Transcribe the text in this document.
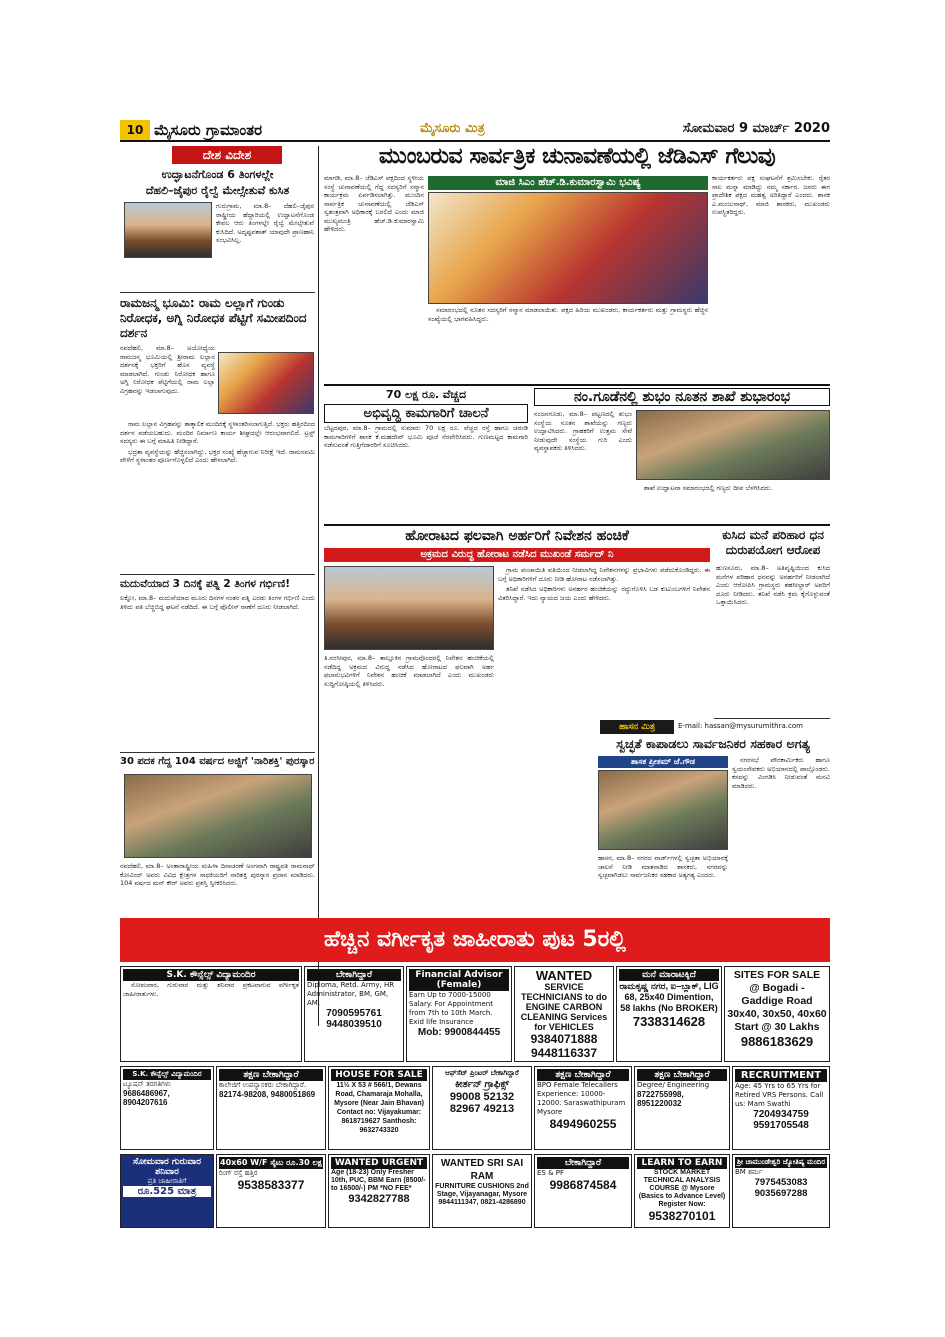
10 ಮೈಸೂರು ಗ್ರಾಮಾಂತರ	ಮೈಸೂರು ಮಿತ್ರ	ಸೋಮವಾರ 9 ಮಾರ್ಚ್ 2020
ದೇಶ ವಿದೇಶ
ಉದ್ಘಾಟನೆಗೊಂಡ 6 ತಿಂಗಳಲ್ಲೇ
ದೆಹಲಿ–ಜೈಪುರ ರೈಲ್ವೆ ಮೇಲ್ಸೇತುವೆ ಕುಸಿತ
ಗುರುಗ್ರಾಮ, ಮಾ.8– ದೆಹಲಿ–ಜೈಪುರ ರಾಷ್ಟ್ರೀಯ ಹೆದ್ದಾರಿಯಲ್ಲಿ ಉದ್ಘಾಟನೆಗೊಂಡ ಕೇವಲ ಆರು ತಿಂಗಳಲ್ಲೇ ರೈಲ್ವೆ ಮೇಲ್ಸೇತುವೆ ಕುಸಿದಿದೆ. ಅದೃಷ್ಟವಶಾತ್ ಯಾವುದೇ ಪ್ರಾಣಹಾನಿ ಸಂಭವಿಸಿಲ್ಲ.
ರಾಮಜನ್ಮ ಭೂಮಿ: ರಾಮ ಲಲ್ಲಾಗೆ ಗುಂಡು ನಿರೋಧಕ, ಅಗ್ನಿ ನಿರೋಧಕ ಪೆಟ್ಟಿಗೆ ಸಮೀಪದಿಂದ ದರ್ಶನ
ನವದೆಹಲಿ, ಮಾ.8– ಅಯೋಧ್ಯೆಯ ರಾಮಜನ್ಮ ಭೂಮಿಯಲ್ಲಿ ಶ್ರೀರಾಮ ಲಲ್ಲಾನ ದರ್ಶನಕ್ಕೆ ಭಕ್ತರಿಗೆ ಹೊಸ ವ್ಯವಸ್ಥೆ ಮಾಡಲಾಗಿದೆ. ಗುಂಡು ನಿರೋಧಕ ಹಾಗೂ ಅಗ್ನಿ ನಿರೋಧಕ ಪೆಟ್ಟಿಗೆಯಲ್ಲಿ ರಾಮ ಲಲ್ಲಾ ವಿಗ್ರಹವನ್ನು ಇಡಲಾಗುವುದು.

ರಾಮ ಲಲ್ಲಾನ ವಿಗ್ರಹವನ್ನು ತಾತ್ಕಾಲಿಕ ಮಂದಿರಕ್ಕೆ ಸ್ಥಳಾಂತರಿಸಲಾಗುತ್ತಿದೆ. ಭಕ್ತರು ಹತ್ತಿರದಿಂದ ದರ್ಶನ ಪಡೆಯಬಹುದು. ಮಂದಿರ ನಿರ್ಮಾಣ ಕಾರ್ಯ ಶೀಘ್ರದಲ್ಲೇ ಆರಂಭವಾಗಲಿದೆ. ಟ್ರಸ್ಟ್ ಸದಸ್ಯರು ಈ ಬಗ್ಗೆ ಮಾಹಿತಿ ನೀಡಿದ್ದಾರೆ.

ಭದ್ರತಾ ವ್ಯವಸ್ಥೆಯನ್ನು ಹೆಚ್ಚಿಸಲಾಗಿದ್ದು, ಭಕ್ತರ ಸಂಖ್ಯೆ ಹೆಚ್ಚಾಗುವ ನಿರೀಕ್ಷೆ ಇದೆ. ರಾಮನವಮಿ ವೇಳೆಗೆ ಸ್ಥಳಾಂತರ ಪೂರ್ಣಗೊಳ್ಳಲಿದೆ ಎಂದು ಹೇಳಲಾಗಿದೆ.

ಮದುವೆಯಾದ 3 ದಿನಕ್ಕೆ ಪತ್ನಿ 2 ತಿಂಗಳ ಗರ್ಭಿಣಿ!
ಲಕ್ನೋ, ಮಾ.8– ಮದುವೆಯಾದ ಮೂರು ದಿನಗಳ ನಂತರ ಪತ್ನಿ ಎರಡು ತಿಂಗಳ ಗರ್ಭಿಣಿ ಎಂದು ತಿಳಿದು ಪತಿ ಬೆಚ್ಚಿಬಿದ್ದ ಘಟನೆ ನಡೆದಿದೆ. ಈ ಬಗ್ಗೆ ಪೊಲೀಸ್ ಠಾಣೆಗೆ ದೂರು ನೀಡಲಾಗಿದೆ.
30 ಪದಕ ಗೆದ್ದ 104 ವರ್ಷದ ಅಜ್ಜಿಗೆ 'ನಾರಿಶಕ್ತಿ' ಪುರಸ್ಕಾರ
ನವದೆಹಲಿ, ಮಾ.8– ಅಂತಾರಾಷ್ಟ್ರೀಯ ಮಹಿಳಾ ದಿನಾಚರಣೆ ಅಂಗವಾಗಿ ರಾಷ್ಟ್ರಪತಿ ರಾಮನಾಥ್ ಕೋವಿಂದ್ ಅವರು ವಿವಿಧ ಕ್ಷೇತ್ರಗಳ ಸಾಧಕಿಯರಿಗೆ ನಾರಿಶಕ್ತಿ ಪುರಸ್ಕಾರ ಪ್ರದಾನ ಮಾಡಿದರು. 104 ವರ್ಷದ ಮನ್ ಕೌರ್ ಅವರು ಪ್ರಶಸ್ತಿ ಸ್ವೀಕರಿಸಿದರು.
ಮುಂಬರುವ ಸಾರ್ವತ್ರಿಕ ಚುನಾವಣೆಯಲ್ಲಿ ಜೆಡಿಎಸ್ ಗೆಲುವು
ಮಾಗಡಿ, ಮಾ.8– ಜೆಡಿಎಸ್ ಪಕ್ಷದಿಂದ ಸ್ಥಳೀಯ ಸಂಸ್ಥೆ ಚುನಾವಣೆಯಲ್ಲಿ ಗೆದ್ದ ಸದಸ್ಯರಿಗೆ ಸನ್ಮಾನ ಕಾರ್ಯಕ್ರಮ ಏರ್ಪಡಿಸಲಾಗಿತ್ತು. ಮುಂದಿನ ಸಾರ್ವತ್ರಿಕ ಚುನಾವಣೆಯಲ್ಲಿ ಜೆಡಿಎಸ್ ಸ್ವತಂತ್ರವಾಗಿ ಅಧಿಕಾರಕ್ಕೆ ಬರಲಿದೆ ಎಂದು ಮಾಜಿ ಮುಖ್ಯಮಂತ್ರಿ ಹೆಚ್.ಡಿ.ಕುಮಾರಸ್ವಾಮಿ ಹೇಳಿದರು.
ಮಾಜಿ ಸಿಎಂ ಹೆಚ್.ಡಿ.ಕುಮಾರಸ್ವಾಮಿ ಭವಿಷ್ಯ

ಸಮಾರಂಭದಲ್ಲಿ ನೂತನ ಸದಸ್ಯರಿಗೆ ಸನ್ಮಾನ ಮಾಡಲಾಯಿತು. ಪಕ್ಷದ ಹಿರಿಯ ಮುಖಂಡರು, ಕಾರ್ಯಕರ್ತರು ಮತ್ತು ಗ್ರಾಮಸ್ಥರು ಹೆಚ್ಚಿನ ಸಂಖ್ಯೆಯಲ್ಲಿ ಭಾಗವಹಿಸಿದ್ದರು.

ಕಾರ್ಯಕರ್ತರು ಪಕ್ಷ ಸಂಘಟನೆಗೆ ಶ್ರಮಿಸಬೇಕು. ರೈತರ ಸಾಲ ಮನ್ನಾ ಮಾಡಿದ್ದು ನಮ್ಮ ಸರ್ಕಾರ. ಜನರು ಈಗ ಪ್ರಾದೇಶಿಕ ಪಕ್ಷದ ಮಹತ್ವ ಅರಿತಿದ್ದಾರೆ ಎಂದರು. ಶಾಸಕ ಎ.ಮಂಜುನಾಥ್, ಮಾಜಿ ಶಾಸಕರು, ಮುಖಂಡರು ಉಪಸ್ಥಿತರಿದ್ದರು.
70 ಲಕ್ಷ ರೂ. ವೆಚ್ಚದ
ಅಭಿವೃದ್ಧಿ ಕಾಮಗಾರಿಗೆ ಚಾಲನೆ
ಬೆಟ್ಟದಪುರ, ಮಾ.8– ಗ್ರಾಮದಲ್ಲಿ ಸುಮಾರು 70 ಲಕ್ಷ ರೂ. ವೆಚ್ಚದ ರಸ್ತೆ ಹಾಗೂ ಚರಂಡಿ ಕಾಮಗಾರಿಗಳಿಗೆ ಶಾಸಕ ಕೆ.ಮಹದೇವ್ ಭೂಮಿ ಪೂಜೆ ನೆರವೇರಿಸಿದರು. ಗುಣಮಟ್ಟದ ಕಾಮಗಾರಿ ನಡೆಸುವಂತೆ ಗುತ್ತಿಗೆದಾರರಿಗೆ ಸೂಚಿಸಿದರು.
ನಂ.ಗೂಡೆನಲ್ಲಿ ಶುಭಂ ನೂತನ ಶಾಖೆ ಶುಭಾರಂಭ
ನಂಜನಗೂಡು, ಮಾ.8– ಪಟ್ಟಣದಲ್ಲಿ ಶುಭಂ ಸಂಸ್ಥೆಯ ನೂತನ ಶಾಖೆಯನ್ನು ಗಣ್ಯರು ಉದ್ಘಾಟಿಸಿದರು. ಗ್ರಾಹಕರಿಗೆ ಉತ್ತಮ ಸೇವೆ ನೀಡುವುದೇ ಸಂಸ್ಥೆಯ ಗುರಿ ಎಂದು ವ್ಯವಸ್ಥಾಪಕರು ತಿಳಿಸಿದರು.

ಶಾಖೆ ಉದ್ಘಾಟನಾ ಸಮಾರಂಭದಲ್ಲಿ ಗಣ್ಯರು ದೀಪ ಬೆಳಗಿಸಿದರು.

ಹೋರಾಟದ ಫಲವಾಗಿ ಅರ್ಹರಿಗೆ ನಿವೇಶನ ಹಂಚಿಕೆ
ಅಕ್ರಮದ ವಿರುದ್ಧ ಹೋರಾಟ ನಡೆಸಿದ ಮುಖಂಡೆ ಸರ್ಮದ್ ನಿ

ಗ್ರಾಮ ಪಂಚಾಯಿತಿ ವತಿಯಿಂದ ನೀಡಲಾಗಿದ್ದ ನಿವೇಶನಗಳನ್ನು ಪ್ರಭಾವಿಗಳು ಪಡೆದುಕೊಂಡಿದ್ದರು. ಈ ಬಗ್ಗೆ ಅಧಿಕಾರಿಗಳಿಗೆ ದೂರು ನೀಡಿ ಹೋರಾಟ ನಡೆಸಲಾಗಿತ್ತು.

ತನಿಖೆ ನಡೆಸಿದ ಅಧಿಕಾರಿಗಳು ಅನರ್ಹರ ಹಂಚಿಕೆಯನ್ನು ರದ್ದುಗೊಳಿಸಿ ಬಡ ಕುಟುಂಬಗಳಿಗೆ ನಿವೇಶನ ವಿತರಿಸಿದ್ದಾರೆ. ಇದು ನ್ಯಾಯದ ಜಯ ಎಂದು ಹೇಳಿದರು.

ತಿ.ನರಸೀಪುರ, ಮಾ.8– ತಾಲ್ಲೂಕಿನ ಗ್ರಾಮವೊಂದರಲ್ಲಿ ನಿವೇಶನ ಹಂಚಿಕೆಯಲ್ಲಿ ನಡೆದಿದ್ದ ಅಕ್ರಮದ ವಿರುದ್ಧ ನಡೆಸಿದ ಹೋರಾಟದ ಫಲವಾಗಿ ಅರ್ಹ ಫಲಾನುಭವಿಗಳಿಗೆ ನಿವೇಶನ ಹಂಚಿಕೆ ಮಾಡಲಾಗಿದೆ ಎಂದು ಮುಖಂಡರು ಸುದ್ದಿಗೋಷ್ಠಿಯಲ್ಲಿ ತಿಳಿಸಿದರು.
ಕುಸಿದ ಮನೆ ಪರಿಹಾರ ಧನ ದುರುಪಯೋಗ ಆರೋಪ
ಹುಣಸೂರು, ಮಾ.8– ಅತಿವೃಷ್ಟಿಯಿಂದ ಕುಸಿದ ಮನೆಗಳ ಪರಿಹಾರ ಧನವನ್ನು ಅನರ್ಹರಿಗೆ ನೀಡಲಾಗಿದೆ ಎಂದು ಆರೋಪಿಸಿ ಗ್ರಾಮಸ್ಥರು ತಹಸೀಲ್ದಾರ್ ಅವರಿಗೆ ದೂರು ನೀಡಿದರು. ತನಿಖೆ ನಡೆಸಿ ಕ್ರಮ ಕೈಗೊಳ್ಳುವಂತೆ ಒತ್ತಾಯಿಸಿದರು.
ಹಾಸನ ಮಿತ್ರ	E-mail: hassan@mysurumithra.com
ಸ್ವಚ್ಛತೆ ಕಾಪಾಡಲು ಸಾರ್ವಜನಿಕರ ಸಹಕಾರ ಅಗತ್ಯ
ಶಾಸಕ ಪ್ರೀತಮ್ ಜೆ.ಗೌಡ	ನಗರಸಭೆ ಪೌರಕಾರ್ಮಿಕರು ಹಾಗೂ ಸ್ವಯಂಸೇವಕರು ಅಭಿಯಾನದಲ್ಲಿ ಪಾಲ್ಗೊಂಡರು. ಕಸವನ್ನು ವಿಂಗಡಿಸಿ ನೀಡುವಂತೆ ಮನವಿ ಮಾಡಿದರು.

ಹಾಸನ, ಮಾ.8– ನಗರದ ವಾರ್ಡ್‌ಗಳಲ್ಲಿ ಸ್ವಚ್ಛತಾ ಅಭಿಯಾನಕ್ಕೆ ಚಾಲನೆ ನೀಡಿ ಮಾತನಾಡಿದ ಶಾಸಕರು, ನಗರವನ್ನು ಸ್ವಚ್ಛವಾಗಿಡಲು ಸಾರ್ವಜನಿಕರ ಸಹಕಾರ ಅತ್ಯಗತ್ಯ ಎಂದರು.
ಹೆಚ್ಚಿನ ವರ್ಗೀಕೃತ ಜಾಹೀರಾತು ಪುಟ 5ರಲ್ಲಿ
ಬೇಕಾಗಿದ್ದಾರೆ
Diploma, Retd. Army, HR Administrator, BM, GM, AM.
7090595761 9448039510
Financial Advisor (Female)
Earn Up to 7000-15000 Salary. For Appointment from 7th to 10th March. Exid life Insurance
Mob: 9900844455
WANTED
SERVICE TECHNICIANS to do ENGINE CARBON CLEANING Services for VEHICLES
9384071888 9448116337
ಮನೆ ಮಾರಾಟಕ್ಕಿದೆ
ರಾಮಕೃಷ್ಣ ನಗರ, ಐ–ಬ್ಲಾಕ್, LIG 68, 25x40 Dimention, 58 lakhs (No BROKER)
7338314628
SITES FOR SALE
@ Bogadi - Gaddige Road 30x40, 30x50, 40x60 Start @ 30 Lakhs
9886183629
S.K. ಕೌನ್ಸೆಲ್ಸ್ ವಿದ್ಯಾಮಂದಿರ
ಟ್ಯೂಷನ್ ತರಗತಿಗಳು
9686486967, 8904207616
ತಕ್ಷಣ ಬೇಕಾಗಿದ್ದಾರೆ
ಕಾಲೇಜಿಗೆ ಉಪನ್ಯಾಸಕರು ಬೇಕಾಗಿದ್ದಾರೆ.
82174-98208, 9480051869
HOUSE FOR SALE
11½ X 53 # 566/1, Dewans Road, Chamaraja Mohalla, Mysore (Near Jain Bhavan) Contact no: Vijayakumar: 8618719627 Santhosh: 9632743320
ಆಫ್‌ಸೆಟ್ ಪ್ರಿಂಟರ್ ಬೇಕಾಗಿದ್ದಾರೆ
ಕೀರ್ತನ್ ಗ್ರಾಫಿಕ್ಸ್
99008 52132 82967 49213
ತಕ್ಷಣ ಬೇಕಾಗಿದ್ದಾರೆ
BPO Female Telecallers Experience: 10000-12000. Saraswathipuram Mysore
8494960255
ತಕ್ಷಣ ಬೇಕಾಗಿದ್ದಾರೆ
Degree/ Engineering
8722755998, 8951220032
RECRUITMENT
Age: 45 Yrs to 65 Yrs for Retired VRS Persons. Call us: Mam Swathi
7204934759 9591705548
ಸೋಮವಾರ ಗುರುವಾರ ಶನಿವಾರ
ಪ್ರತಿ ಜಾಹೀರಾತಿಗೆ
ರೂ.525 ಮಾತ್ರ
40x60 W/F ಸೈಟು ರೂ.30 ಲಕ್ಷ
ರಿಂಗ್ ರಸ್ತೆ ಹತ್ತಿರ
9538583377
WANTED URGENT
Age (18-23) Only Fresher 10th, PUC, BBM Earn (8500/- to 16500/-) PM *NO FEE*
9342827788
WANTED SRI SAI RAM
FURNITURE CUSHIONS 2nd Stage, Vijayanagar, Mysore
9844111347, 0821-4286890
ಬೇಕಾಗಿದ್ದಾರೆ
ES & PF
9986874584
LEARN TO EARN
STOCK MARKET TECHNICAL ANALYSIS COURSE @ Mysore (Basics to Advance Level) Register Now:
9538270101
ಶ್ರೀ ಚಾಮುಂಡೇಶ್ವರಿ ಜ್ಯೋತಿಷ್ಯ ಮಂದಿರ
BM ಶರ್ಮ
7975453083 9035697288
S.K. ಕೌನ್ಸೆಲ್ಸ್ ವಿದ್ಯಾಮಂದಿರ

ಸೋಮವಾರ, ಗುರುವಾರ ಮತ್ತು ಶನಿವಾರ ಪ್ರಕಟವಾಗುವ ವರ್ಗೀಕೃತ ಜಾಹೀರಾತುಗಳು.
